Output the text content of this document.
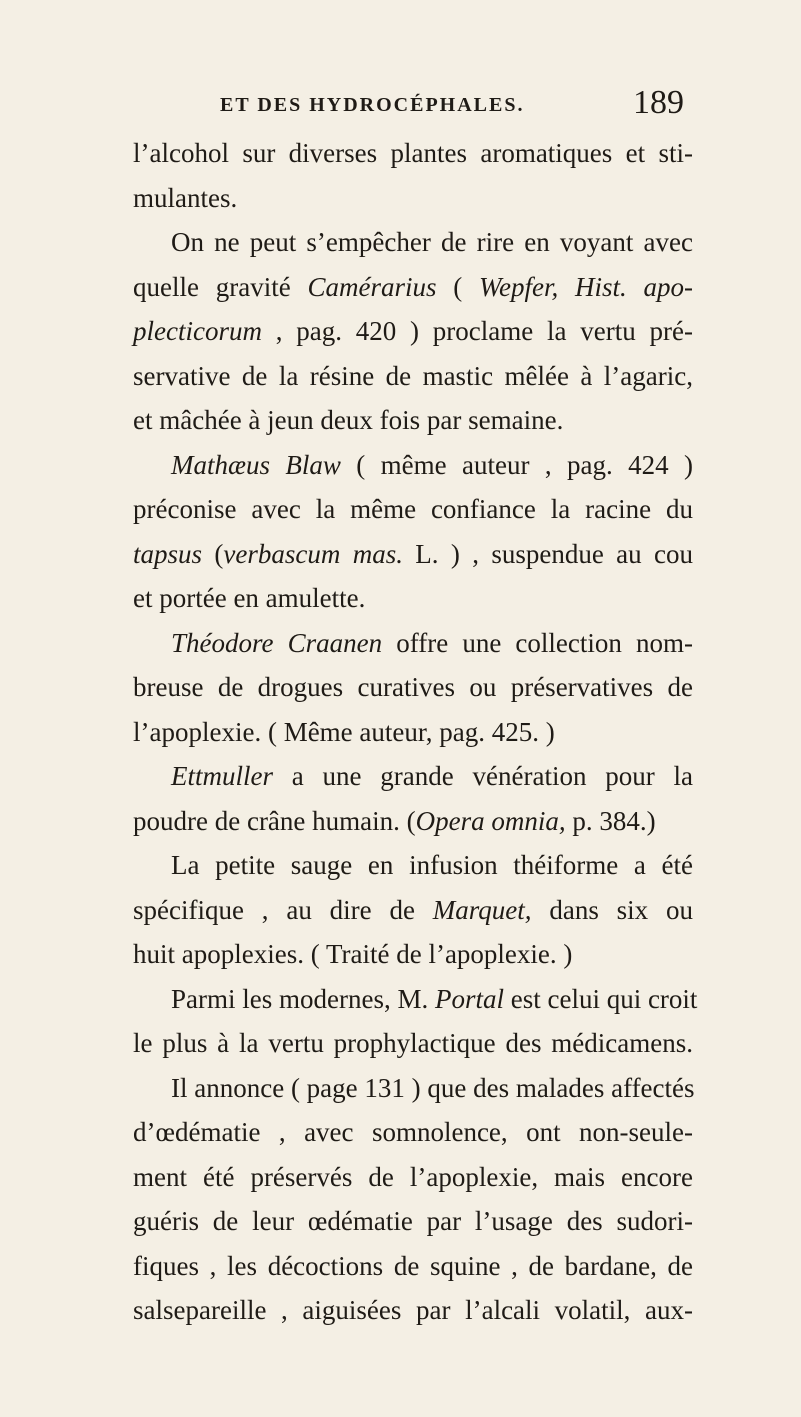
ET DES HYDROCÉPHALES.	189
l’alcohol sur diverses plantes aromatiques et sti-
mulantes.
On ne peut s’empêcher de rire en voyant avec
quelle gravité Camérarius ( Wepfer, Hist. apo-
plecticorum , pag. 420 ) proclame la vertu pré-
servative de la résine de mastic mêlée à l’agaric,
et mâchée à jeun deux fois par semaine.
Mathæus Blaw ( même auteur , pag. 424 )
préconise avec la même confiance la racine du
tapsus (verbascum mas. L. ) , suspendue au cou
et portée en amulette.
Théodore Craanen offre une collection nom-
breuse de drogues curatives ou préservatives de
l’apoplexie. ( Même auteur, pag. 425. )
Ettmuller a une grande vénération pour la
poudre de crâne humain. (Opera omnia, p. 384.)
La petite sauge en infusion théiforme a été
spécifique , au dire de Marquet, dans six ou
huit apoplexies. ( Traité de l’apoplexie. )
Parmi les modernes, M. Portal est celui qui croit
le plus à la vertu prophylactique des médicamens.
Il annonce ( page 131 ) que des malades affectés
d’œdématie , avec somnolence, ont non-seule-
ment été préservés de l’apoplexie, mais encore
guéris de leur œdématie par l’usage des sudori-
fiques , les décoctions de squine , de bardane, de
salsepareille , aiguisées par l’alcali volatil, aux-
